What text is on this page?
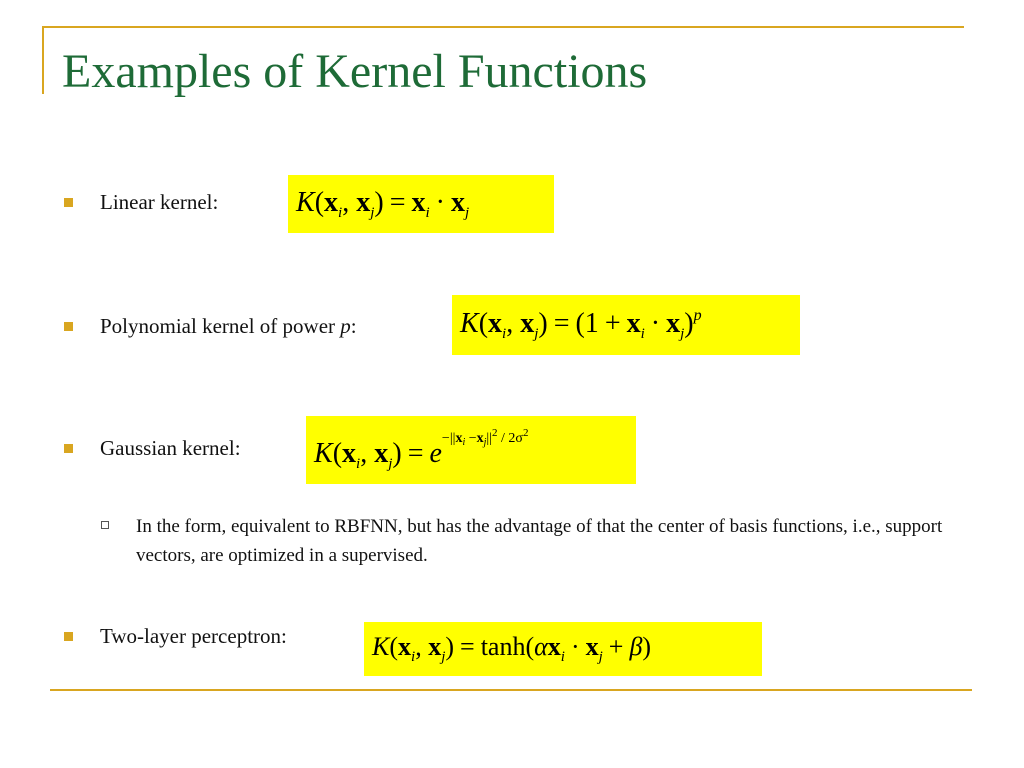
Examples of Kernel Functions
Linear kernel:	$K(x_i$, $x_j) = x_i \cdot x_j$
Polynomial kernel of power p:	$K(x_i$, $x_j) = (1 + x_i \cdot x_j)^p$
Gaussian kernel:	$K(x_i$, $x_j) = e^{-||x_i -x_j||^2 / 2\sigma^2}$
In the form, equivalent to RBFNN, but has the advantage of that the center of basis functions, i.e., support vectors, are optimized in a supervised.
Two-layer perceptron:	$K(x_i$, $x_j) = \tanh(\alpha x_i \cdot x_j + \beta)$
